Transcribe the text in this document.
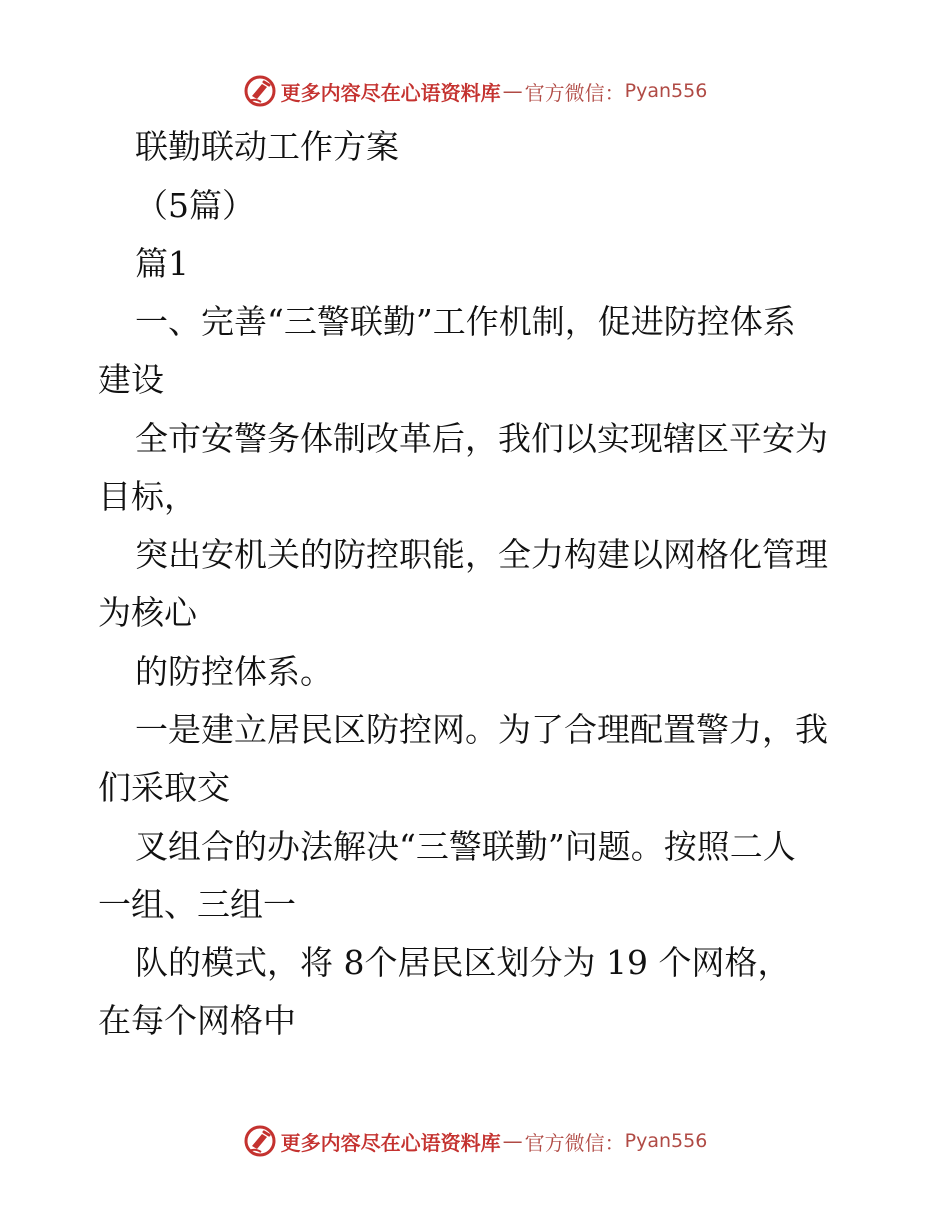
更多内容尽在心语资料库 — 官方微信： Pyan556
联勤联动工作方案
（5篇）
篇1
一、完善“三警联勤”工作机制，促进防控体系
建设
全市安警务体制改革后，我们以实现辖区平安为
目标，
突出安机关的防控职能，全力构建以网格化管理
为核心
的防控体系。
一是建立居民区防控网。为了合理配置警力，我
们采取交
叉组合的办法解决“三警联勤”问题。按照二人
一组、三组一
队的模式，将 8个居民区划分为 19 个网格，
在每个网格中
更多内容尽在心语资料库 — 官方微信： Pyan556
